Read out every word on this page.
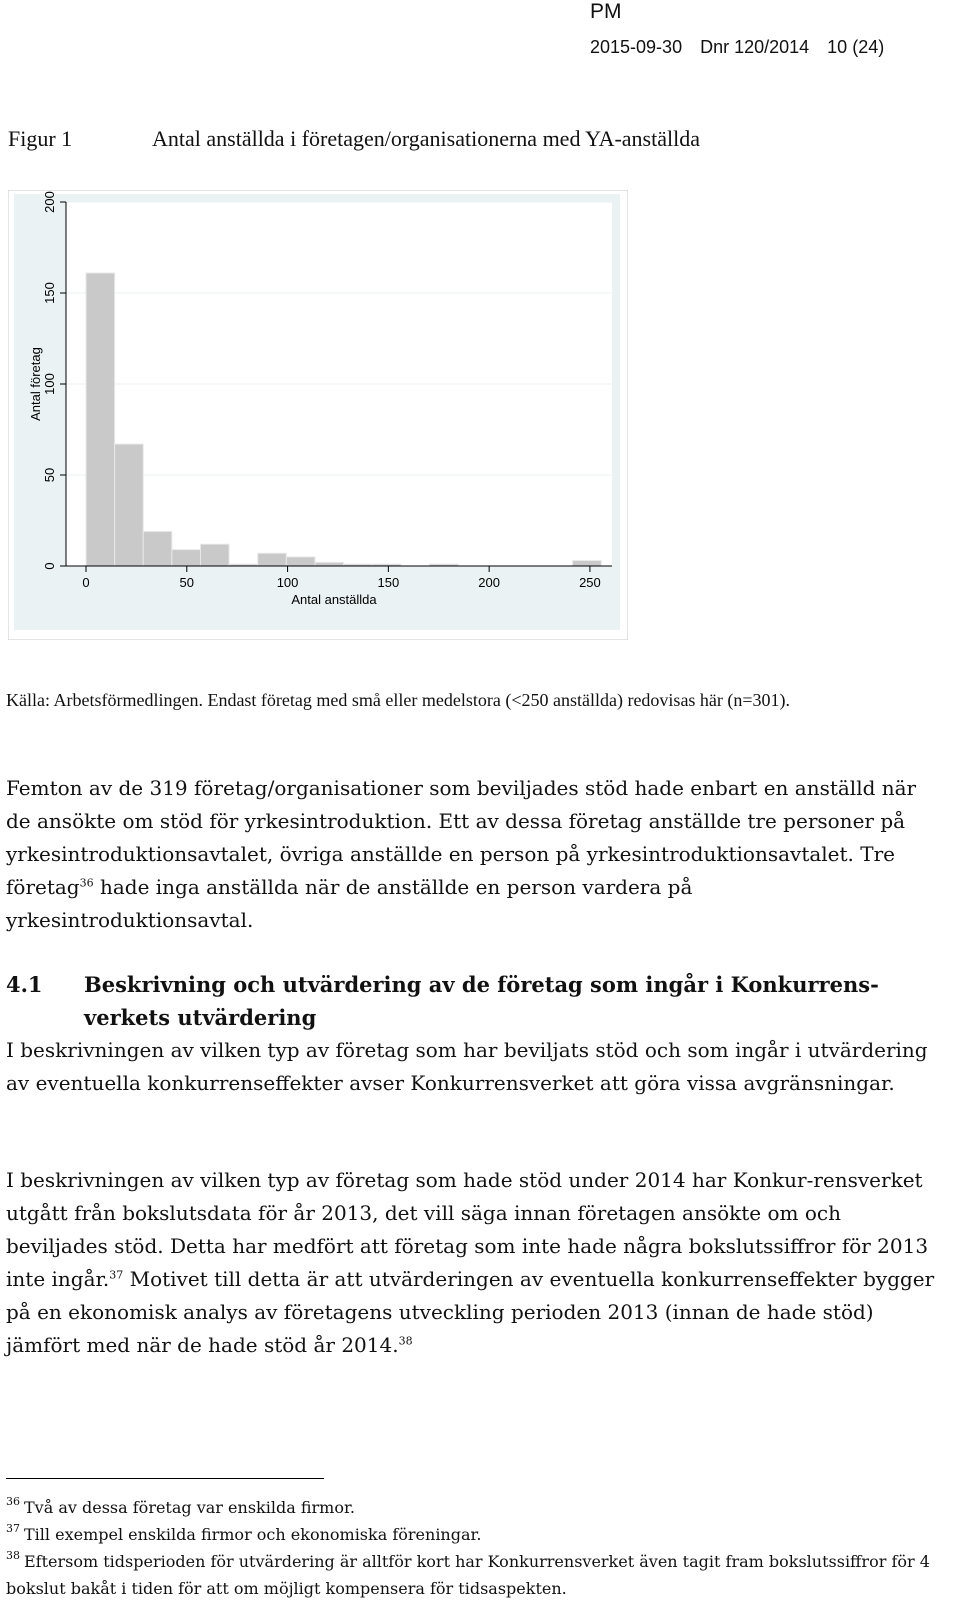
PM
2015-09-30 Dnr 120/2014 10 (24)
Figur 1	Antal anställda i företagen/organisationerna med YA-anställda
0	50	100	150	200	250
0
50
100
150
200
Antal anställda
Antal företag
Källa: Arbetsförmedlingen. Endast företag med små eller medelstora (<250 anställda) redovisas här (n=301).
Femton av de 319 företag/organisationer som beviljades stöd hade enbart en anställd när de ansökte om stöd för yrkesintroduktion. Ett av dessa företag anställde tre personer på yrkesintroduktionsavtalet, övriga anställde en person på yrkesintroduktionsavtalet. Tre företag$^{36}$ hade inga anställda när de anställde en person vardera på yrkesintroduktionsavtal.
4.1 Beskrivning och utvärdering av de företag som ingår i Konkurrens-
verkets utvärdering
I beskrivningen av vilken typ av företag som har beviljats stöd och som ingår i utvärdering av eventuella konkurrenseffekter avser Konkurrensverket att göra vissa avgränsningar.
I beskrivningen av vilken typ av företag som hade stöd under 2014 har Konkur-rensverket utgått från bokslutsdata för år 2013, det vill säga innan företagen ansökte om och beviljades stöd. Detta har medfört att företag som inte hade några bokslutssiffror för 2013 inte ingår.$^{37}$ Motivet till detta är att utvärderingen av eventuella konkurrenseffekter bygger på en ekonomisk analys av företagens utveckling perioden 2013 (innan de hade stöd) jämfört med när de hade stöd år 2014.38
$^{36}$ Två av dessa företag var enskilda firmor.
$^{37}$ Till exempel enskilda firmor och ekonomiska föreningar.
$^{38}$ Eftersom tidsperioden för utvärdering är alltför kort har Konkurrensverket även tagit fram bokslutssiffror för 4 bokslut bakåt i tiden för att om möjligt kompensera för tidsaspekten.
